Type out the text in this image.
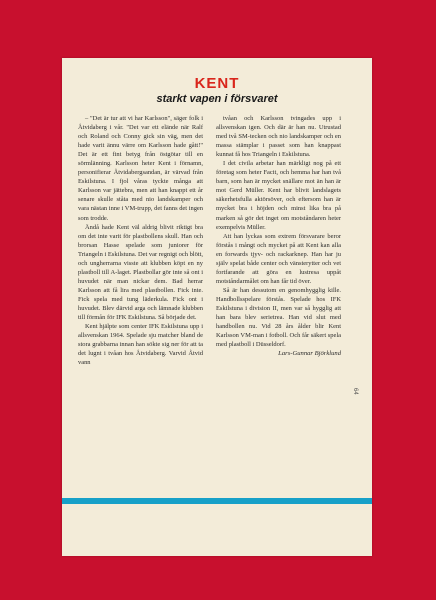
KENT
starkt vapen i försvaret

– "Det är tur att vi har Karlsson", säger folk i Åtvidaberg i vår. "Det var ett elände när Ralf och Roland och Conny gick sin väg, men det hade varit ännu värre om Karlsson hade gått!" Det är ett fint betyg från östgötar till en sörmlänning. Karlsson heter Kent i förnamn, personifierar Åtvidabergsandan, är värvad från Eskilstuna. I fjol våras tyckte många att Karlsson var jättebra, men att han knappt ett år senare skulle ståta med nio landskamper och vara nästan inne i VM-trupp, det fanns det ingen som trodde.

Ändå hade Kent väl aldrig blivit riktigt bra om det inte varit för plastbollens skull. Han och brorsan Hasse spelade som juniorer för Triangeln i Eskilstuna. Det var regnigt och blött, och ungherrarna visste att klubben köpt en ny plastboll till A-laget. Plastbollar gör inte så ont i huvudet när man nickar dem. Bad herrar Karlsson att få lira med plastbollen. Fick inte. Fick spela med tung läderkula. Fick ont i huvudet. Blev därvid arga och lämnade klubben till förmån för IFK Eskilstuna. Så började det.

Kent hjälpte som center IFK Eskilstuna upp i allsvenskan 1964. Spelade sju matcher bland de stora grabbarna innan han sökte sig ner för att ta det lugnt i tvåan hos Åtvidaberg. Varvid Åtvid vann

tvåan och Karlsson tvingades upp i allsvenskan igen. Och där är han nu. Utrustad med två SM-tecken och nio landskamper och en massa stämplar i passet som han knappast kunnat få hos Triangeln i Eskilstuna.

I det civila arbetar han märkligt nog på ett företag som heter Facit, och hemma har han två barn, som han är mycket snällare mot än han är mot Gerd Müller. Kent har blivit landslagets säkerhetsfulla aktörsöver, och eftersom han är mycket bra i höjden och minst lika bra på marken så gör det inget om motståndaren heter exempelvis Müller.

Att han lyckas som extrem försvarare beror förstås i mångt och mycket på att Kent kan alla en forwards tjyv- och rackarknep. Han har ju själv spelat både center och vänsterytter och vet fortfarande att göra en lustresa uppåt motståndarmålet om han får tid över.

Så är han dessutom en genomhygglig kille. Handbollsspelare förstås. Spelade hos IFK Eskilstuna i division II, men var så hygglig att han bara blev serietrea. Han vid slut med handbollen nu. Vid 28 års ålder blir Kent Karlsson VM-man i fotboll. Och får säkert spela med plastboll i Düsseldorf.

Lars-Gunnar Björklund

64
